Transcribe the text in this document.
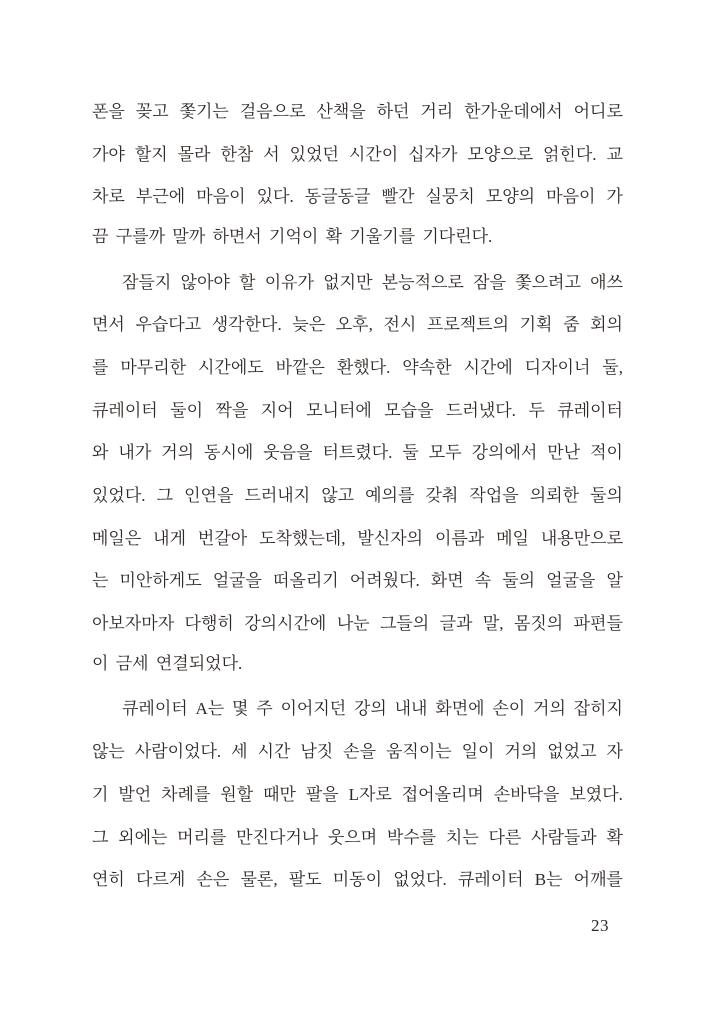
폰을 꽂고 쫓기는 걸음으로 산책을 하던 거리 한가운데에서 어디로
가야 할지 몰라 한참 서 있었던 시간이 십자가 모양으로 얽힌다. 교
차로 부근에 마음이 있다. 동글동글 빨간 실뭉치 모양의 마음이 가
끔 구를까 말까 하면서 기억이 확 기울기를 기다린다.

잠들지 않아야 할 이유가 없지만 본능적으로 잠을 쫓으려고 애쓰
면서 우습다고 생각한다. 늦은 오후, 전시 프로젝트의 기획 줌 회의
를 마무리한 시간에도 바깥은 환했다. 약속한 시간에 디자이너 둘,
큐레이터 둘이 짝을 지어 모니터에 모습을 드러냈다. 두 큐레이터
와 내가 거의 동시에 웃음을 터트렸다. 둘 모두 강의에서 만난 적이
있었다. 그 인연을 드러내지 않고 예의를 갖춰 작업을 의뢰한 둘의
메일은 내게 번갈아 도착했는데, 발신자의 이름과 메일 내용만으로
는 미안하게도 얼굴을 떠올리기 어려웠다. 화면 속 둘의 얼굴을 알
아보자마자 다행히 강의시간에 나눈 그들의 글과 말, 몸짓의 파편들
이 금세 연결되었다.

큐레이터 A는 몇 주 이어지던 강의 내내 화면에 손이 거의 잡히지
않는 사람이었다. 세 시간 남짓 손을 움직이는 일이 거의 없었고 자
기 발언 차례를 원할 때만 팔을 L자로 접어올리며 손바닥을 보였다.
그 외에는 머리를 만진다거나 웃으며 박수를 치는 다른 사람들과 확
연히 다르게 손은 물론, 팔도 미동이 없었다. 큐레이터 B는 어깨를

23
